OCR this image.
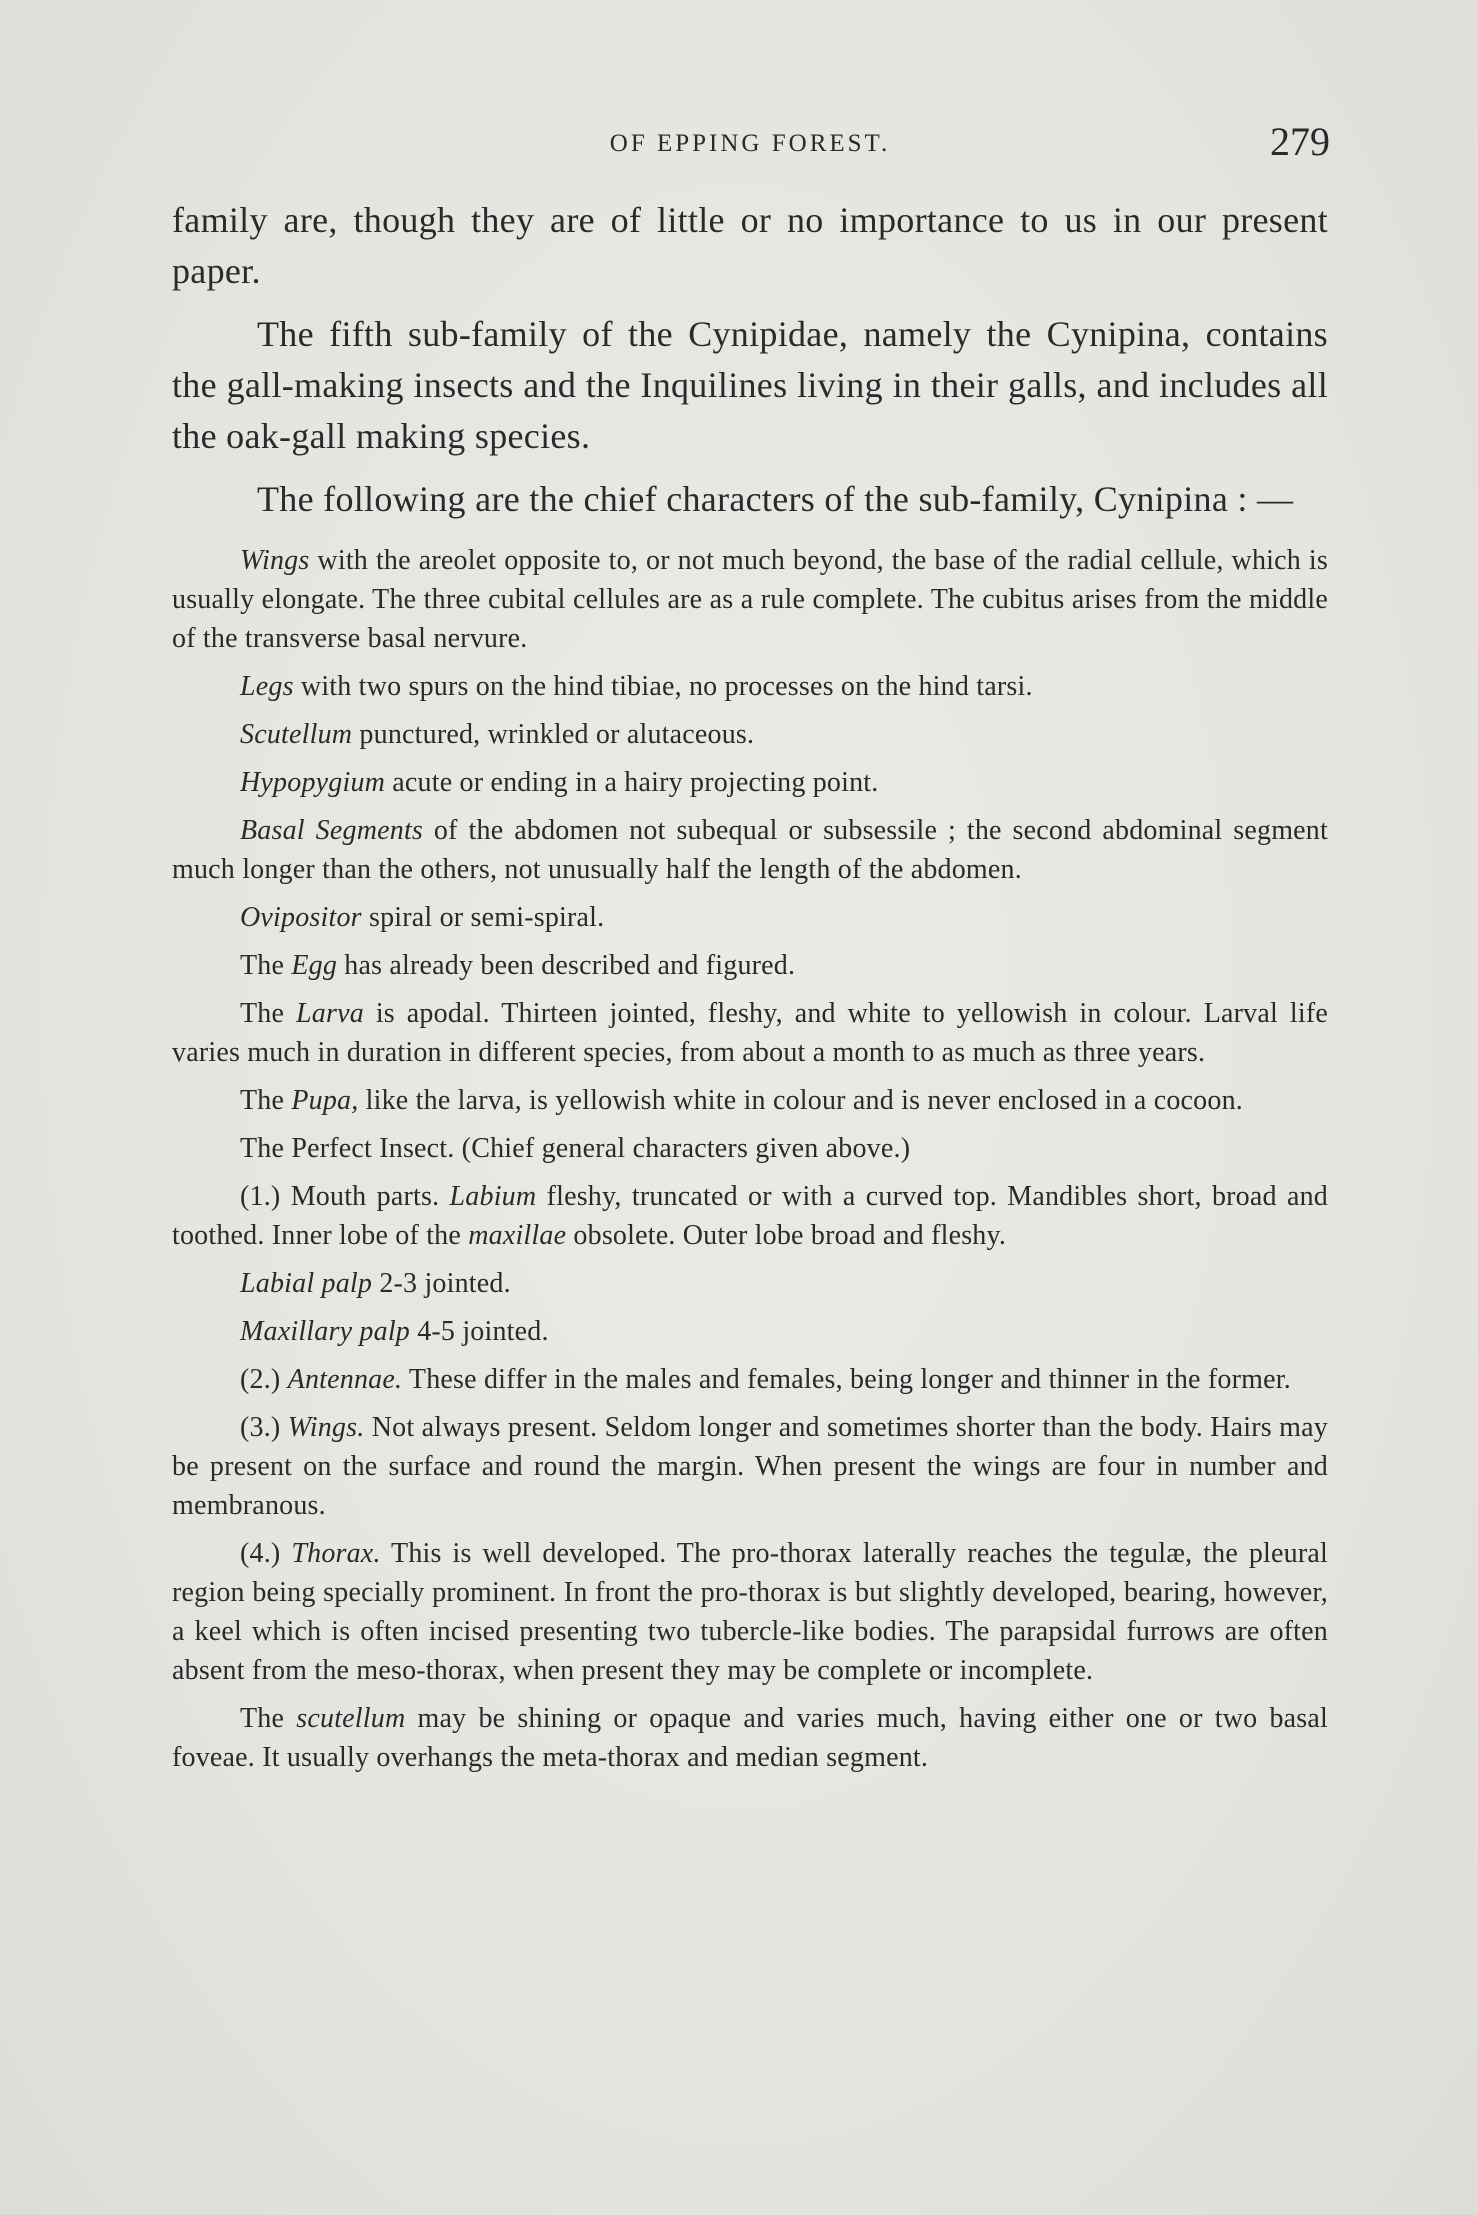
OF EPPING FOREST.	279

family are, though they are of little or no importance to us in our present paper.

The fifth sub-family of the Cynipidae, namely the Cynipina, contains the gall-making insects and the Inquilines living in their galls, and includes all the oak-gall making species.

The following are the chief characters of the sub-family, Cynipina : —

Wings with the areolet opposite to, or not much beyond, the base of the radial cellule, which is usually elongate. The three cubital cellules are as a rule complete. The cubitus arises from the middle of the transverse basal nervure.

Legs with two spurs on the hind tibiae, no processes on the hind tarsi.

Scutellum punctured, wrinkled or alutaceous.

Hypopygium acute or ending in a hairy projecting point.

Basal Segments of the abdomen not subequal or subsessile ; the second abdominal segment much longer than the others, not unusually half the length of the abdomen.

Ovipositor spiral or semi-spiral.

The Egg has already been described and figured.

The Larva is apodal. Thirteen jointed, fleshy, and white to yellowish in colour. Larval life varies much in duration in different species, from about a month to as much as three years.

The Pupa, like the larva, is yellowish white in colour and is never enclosed in a cocoon.

The Perfect Insect. (Chief general characters given above.)

(1.) Mouth parts. Labium fleshy, truncated or with a curved top. Mandibles short, broad and toothed. Inner lobe of the maxillae obsolete. Outer lobe broad and fleshy.

Labial palp 2-3 jointed.

Maxillary palp 4-5 jointed.

(2.) Antennae. These differ in the males and females, being longer and thinner in the former.

(3.) Wings. Not always present. Seldom longer and sometimes shorter than the body. Hairs may be present on the surface and round the margin. When present the wings are four in number and membranous.

(4.) Thorax. This is well developed. The pro-thorax laterally reaches the tegulæ, the pleural region being specially prominent. In front the pro-thorax is but slightly developed, bearing, however, a keel which is often incised presenting two tubercle-like bodies. The parapsidal furrows are often absent from the meso-thorax, when present they may be complete or incomplete.

The scutellum may be shining or opaque and varies much, having either one or two basal foveae. It usually overhangs the meta-thorax and median segment.
